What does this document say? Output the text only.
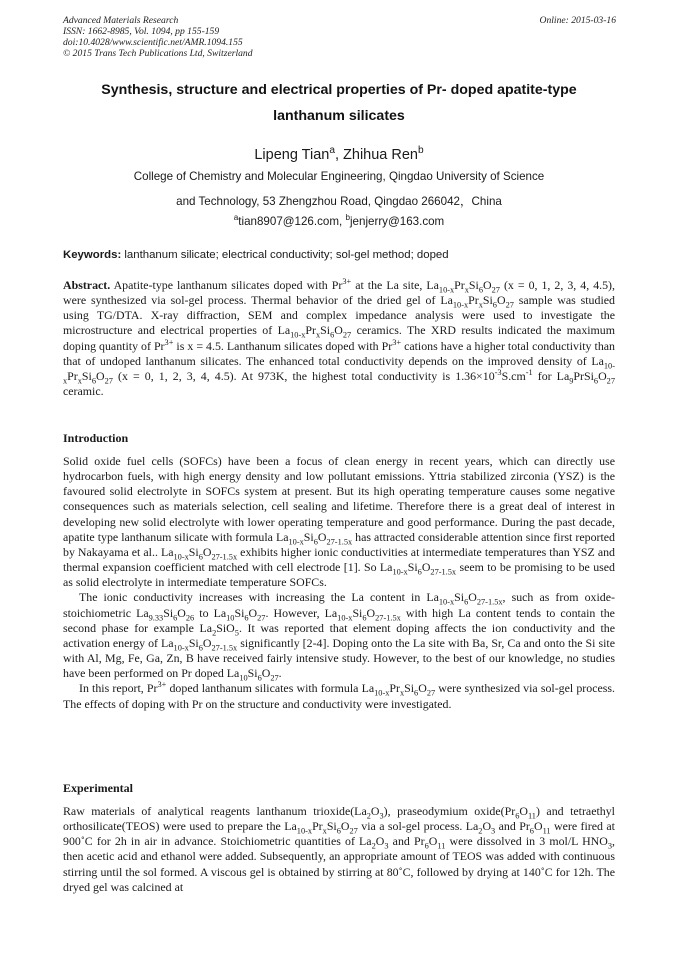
Advanced Materials Research
ISSN: 1662-8985, Vol. 1094, pp 155-159
doi:10.4028/www.scientific.net/AMR.1094.155
© 2015 Trans Tech Publications Ltd, Switzerland
Online: 2015-03-16
Synthesis, structure and electrical properties of Pr- doped apatite-type
lanthanum silicates
Lipeng Tian$^a$, Zhihua Ren$^b$
College of Chemistry and Molecular Engineering, Qingdao University of Science
and Technology, 53 Zhengzhou Road, Qingdao 266042，China
$^a$tian8907@126.com, $^b$jenjerry@163.com
Keywords: lanthanum silicate; electrical conductivity; sol-gel method; doped

Abstract. Apatite-type lanthanum silicates doped with $Pr^{3+}$ at the La site, $La_{10-x}Pr_xSi_6O_{27}$ (x = 0, 1, 2, 3, 4, 4.5), were synthesized via sol-gel process. Thermal behavior of the dried gel of $La_{10-x}Pr_xSi_6O_{27}$ sample was studied using TG/DTA. X-ray diffraction, SEM and complex impedance analysis were used to investigate the microstructure and electrical properties of $La_{10-x}Pr_xSi_6O_{27}$ ceramics. The XRD results indicated the maximum doping quantity of $Pr^{3+}$ is x = 4.5. Lanthanum silicates doped with $Pr^{3+}$ cations have a higher total conductivity than that of undoped lanthanum silicates. The enhanced total conductivity depends on the improved density of $La_{10-x}Pr_xSi_6O_{27}$ (x = 0, 1, 2, 3, 4, 4.5). At 973K, the highest total conductivity is $1.36\times 10^{-3}S.cm^{-1}$ for $La_9PrSi_6O_{27}$ ceramic.

Introduction

Solid oxide fuel cells (SOFCs) have been a focus of clean energy in recent years, which can directly use hydrocarbon fuels, with high energy density and low pollutant emissions. Yttria stabilized zirconia (YSZ) is the favoured solid electrolyte in SOFCs system at present. But its high operating temperature causes some negative consequences such as materials selection, cell sealing and lifetime. Therefore there is a great deal of interest in developing new solid electrolyte with lower operating temperature and good performance. During the past decade, apatite type lanthanum silicate with formula $La_{10-x}Si_6O_{27-1.5x}$ has attracted considerable attention since first reported by Nakayama et al.. $La_{10-x}Si_6O_{27-1.5x}$ exhibits higher ionic conductivities at intermediate temperatures than YSZ and thermal expansion coefficient matched with cell electrode [1]. So $La_{10-x}Si_6O_{27-1.5x}$ seem to be promising to be used as solid electrolyte in intermediate temperature SOFCs.

The ionic conductivity increases with increasing the La content in $La_{10-x}Si_6O_{27-1.5x}$, such as from oxide-stoichiometric $La_{9.33}Si_6O_{26}$ to $La_{10}Si_6O_{27}$. However, $La_{10-x}Si_6O_{27-1.5x}$ with high La content tends to contain the second phase for example $La_2SiO_5$. It was reported that element doping affects the ion conductivity and the activation energy of $La_{10-x}Si_6O_{27-1.5x}$ significantly [2-4]. Doping onto the La site with Ba, Sr, Ca and onto the Si site with Al, Mg, Fe, Ga, Zn, B have received fairly intensive study. However, to the best of our knowledge, no studies have been performed on Pr doped $La_{10}Si_6O_{27}$.

In this report, $Pr^{3+}$ doped lanthanum silicates with formula $La_{10-x}Pr_xSi_6O_{27}$ were synthesized via sol-gel process. The effects of doping with Pr on the structure and conductivity were investigated.

Experimental

Raw materials of analytical reagents lanthanum $trioxide(La_2O_3)$, praseodymium $oxide(Pr_6O_{11})$ and tetraethyl orthosilicate(TEOS) were used to prepare the $La_{10-x}Pr_xSi_6O_{27}$ via a sol-gel process. $La_2O_3$ and $Pr_6O_{11}$ were fired at 900˚C for 2h in air in advance. Stoichiometric quantities of $La_2O_3$ and $Pr_6O_{11}$ were dissolved in 3 mol/L $HNO_3$, then acetic acid and ethanol were added. Subsequently, an appropriate amount of TEOS was added with continuous stirring until the sol formed. A viscous gel is obtained by stirring at 80˚C, followed by drying at 140˚C for 12h. The dryed gel was calcined at
